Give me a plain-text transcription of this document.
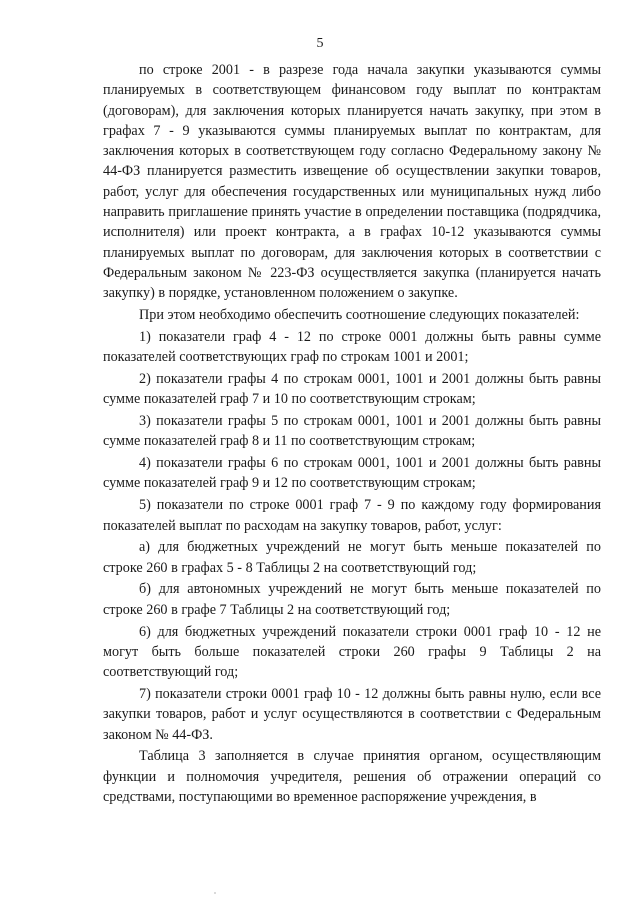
5

по строке 2001 - в разрезе года начала закупки указываются суммы планируемых в соответствующем финансовом году выплат по контрактам (договорам), для заключения которых планируется начать закупку, при этом в графах 7 - 9 указываются суммы планируемых выплат по контрактам, для заключения которых в соответствующем году согласно Федеральному закону № 44-ФЗ планируется разместить извещение об осуществлении закупки товаров, работ, услуг для обеспечения государственных или муниципальных нужд либо направить приглашение принять участие в определении поставщика (подрядчика, исполнителя) или проект контракта, а в графах 10-12 указываются суммы планируемых выплат по договорам, для заключения которых в соответствии с Федеральным законом № 223-ФЗ осуществляется закупка (планируется начать закупку) в порядке, установленном положением о закупке.

При этом необходимо обеспечить соотношение следующих показателей:

1) показатели граф 4 - 12 по строке 0001 должны быть равны сумме показателей соответствующих граф по строкам 1001 и 2001;

2) показатели графы 4 по строкам 0001, 1001 и 2001 должны быть равны сумме показателей граф 7 и 10 по соответствующим строкам;

3) показатели графы 5 по строкам 0001, 1001 и 2001 должны быть равны сумме показателей граф 8 и 11 по соответствующим строкам;

4) показатели графы 6 по строкам 0001, 1001 и 2001 должны быть равны сумме показателей граф 9 и 12 по соответствующим строкам;

5) показатели по строке 0001 граф 7 - 9 по каждому году формирования показателей выплат по расходам на закупку товаров, работ, услуг:

а) для бюджетных учреждений не могут быть меньше показателей по строке 260 в графах 5 - 8 Таблицы 2 на соответствующий год;

б) для автономных учреждений не могут быть меньше показателей по строке 260 в графе 7 Таблицы 2 на соответствующий год;

6) для бюджетных учреждений показатели строки 0001 граф 10 - 12 не могут быть больше показателей строки 260 графы 9 Таблицы 2 на соответствующий год;

7) показатели строки 0001 граф 10 - 12 должны быть равны нулю, если все закупки товаров, работ и услуг осуществляются в соответствии с Федеральным законом № 44-ФЗ.

Таблица 3 заполняется в случае принятия органом, осуществляющим функции и полномочия учредителя, решения об отражении операций со средствами, поступающими во временное распоряжение учреждения, в
